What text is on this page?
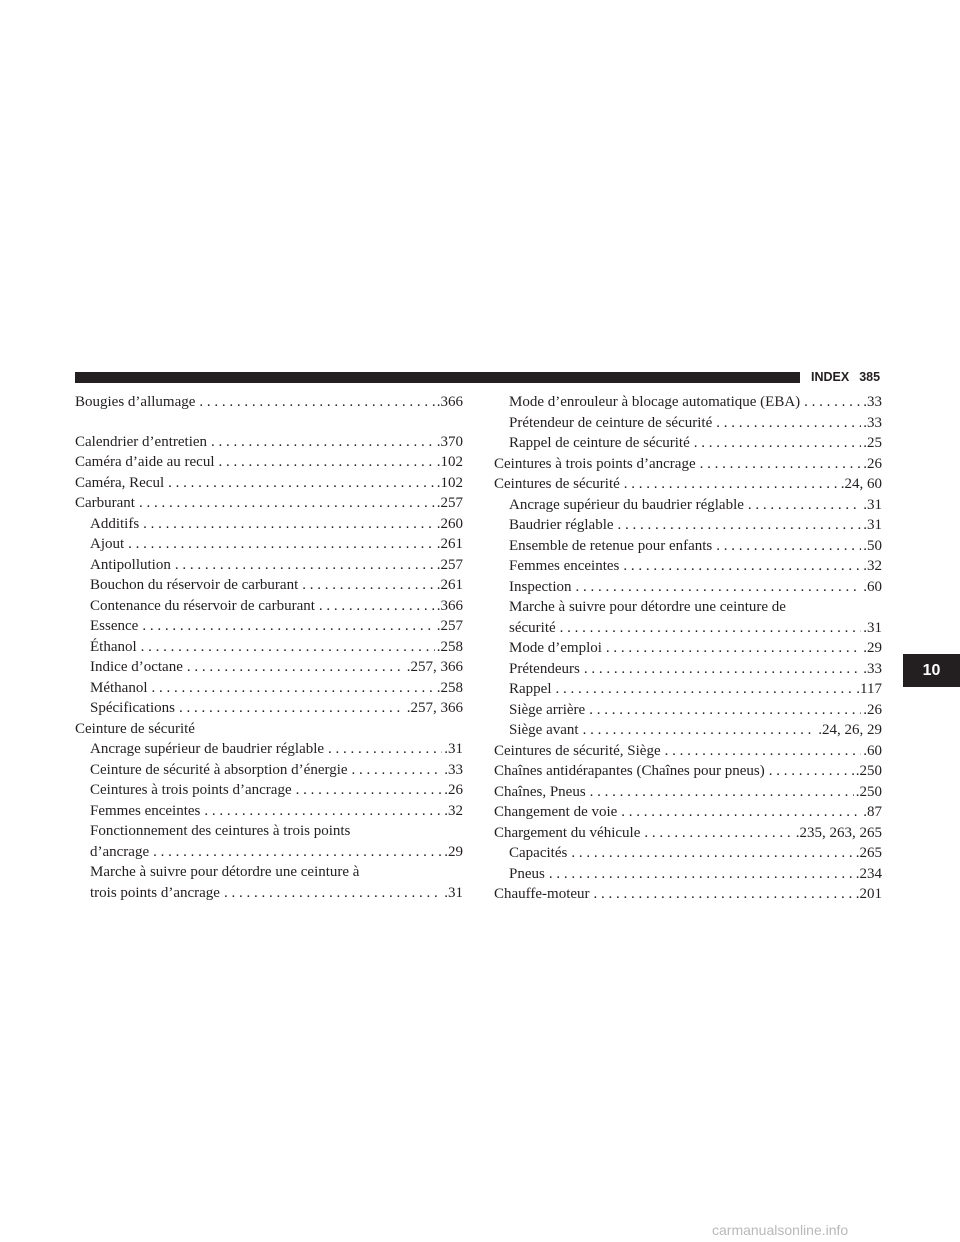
INDEX 385
Bougies d’allumage . . .	.366
Calendrier d’entretien . . .	.370
Caméra d’aide au recul . . .	.102
Caméra, Recul . . .	.102
Carburant . . .	.257
Additifs . . .	.260
Ajout . . .	.261
Antipollution . . .	.257
Bouchon du réservoir de carburant . . .	.261
Contenance du réservoir de carburant . . .	.366
Essence . . .	.257
Éthanol . . .	.258
Indice d’octane . . .	.257, 366
Méthanol . . .	.258
Spécifications . . .	.257, 366
Ceinture de sécurité
Ancrage supérieur de baudrier réglable . . .	.31
Ceinture de sécurité à absorption d’énergie . . .	.33
Ceintures à trois points d’ancrage . . .	.26
Femmes enceintes . . .	.32
Fonctionnement des ceintures à trois points
d’ancrage . . .	.29
Marche à suivre pour détordre une ceinture à
trois points d’ancrage . . .	.31
Mode d’enrouleur à blocage automatique (EBA) . . .	.33
Prétendeur de ceinture de sécurité . . .	.33
Rappel de ceinture de sécurité . . .	.25
Ceintures à trois points d’ancrage . . .	.26
Ceintures de sécurité . . .	.24, 60
Ancrage supérieur du baudrier réglable . . .	.31
Baudrier réglable . . .	.31
Ensemble de retenue pour enfants . . .	.50
Femmes enceintes . . .	.32
Inspection . . .	.60
Marche à suivre pour détordre une ceinture de
sécurité . . .	.31
Mode d’emploi . . .	.29
Prétendeurs . . .	.33
Rappel . . .	.117
Siège arrière . . .	.26
Siège avant . . .	.24, 26, 29
Ceintures de sécurité, Siège . . .	.60
Chaînes antidérapantes (Chaînes pour pneus) . . .	.250
Chaînes, Pneus . . .	.250
Changement de voie . . .	.87
Chargement du véhicule . . .	.235, 263, 265
Capacités . . .	.265
Pneus . . .	.234
Chauffe-moteur . . .	.201
10
carmanualsonline.info
